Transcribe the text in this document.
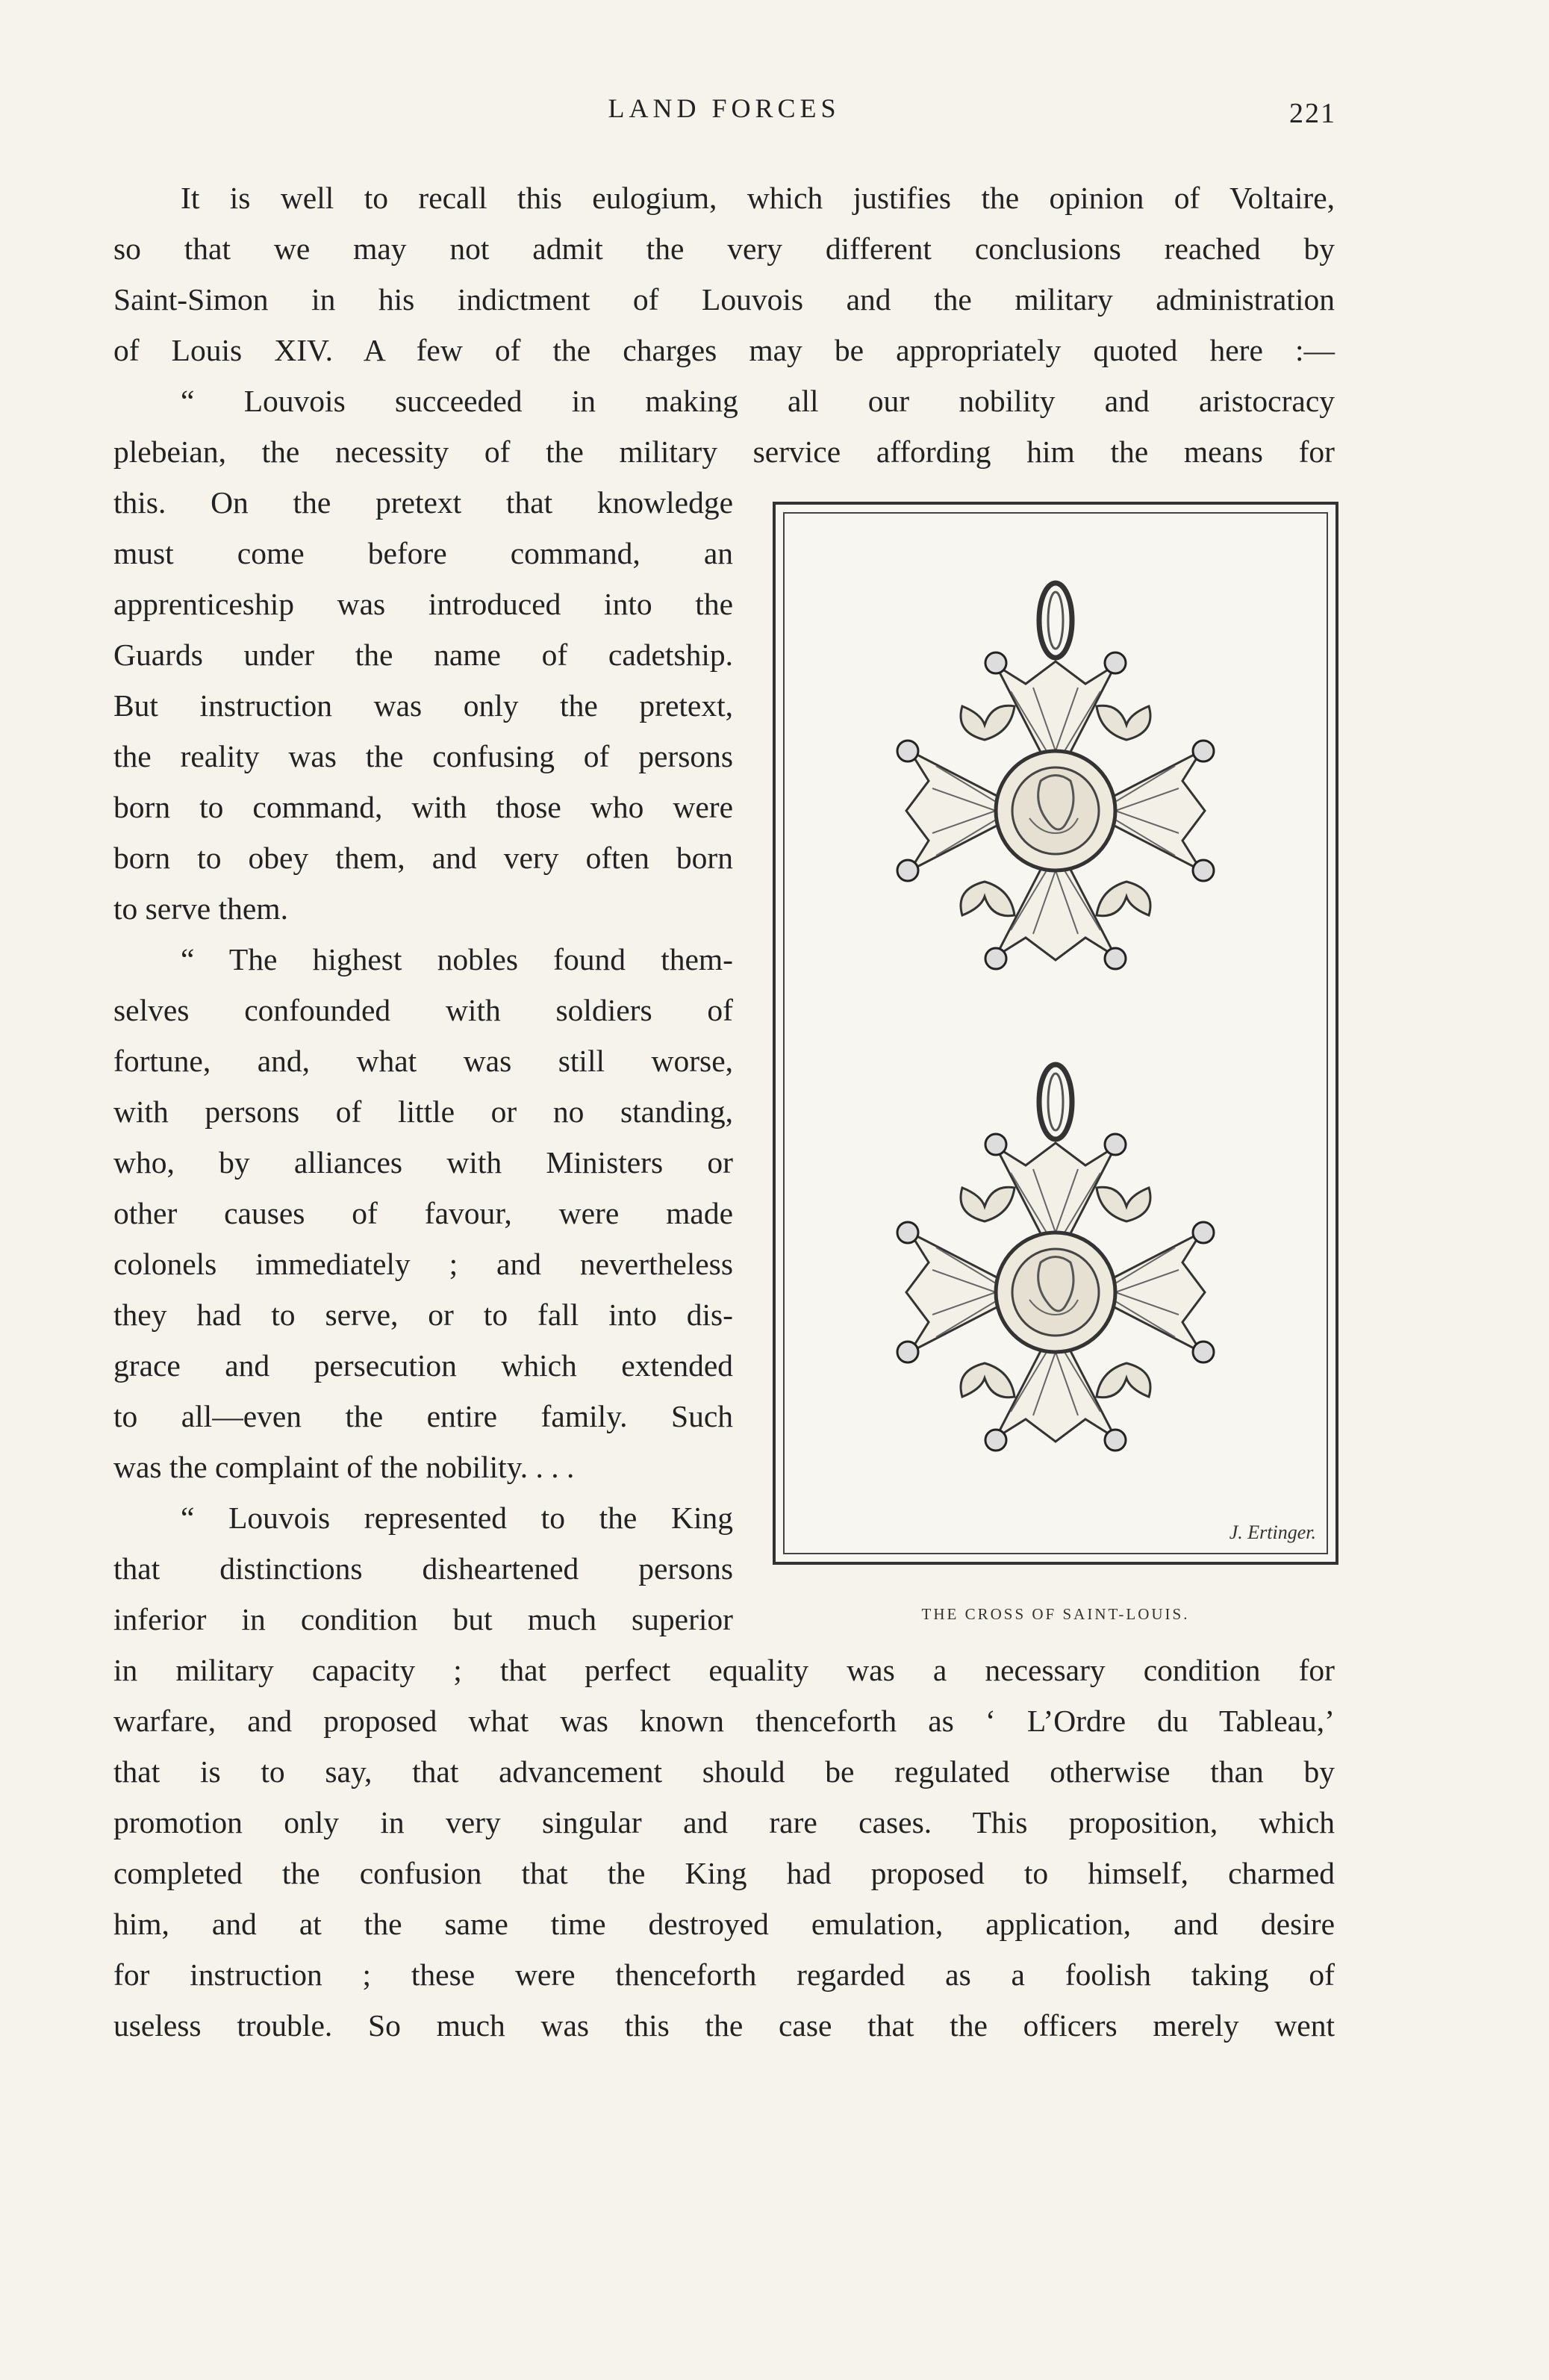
LAND FORCES	221
It is well to recall this eulogium, which justifies the opinion of Voltaire,
so that we may not admit the very different conclusions reached by
Saint-Simon in his indictment of Louvois and the military administration
of Louis XIV. A few of the charges may be appropriately quoted here :—
“ Louvois succeeded in making all our nobility and aristocracy
plebeian, the necessity of the military service affording him the means for
this. On the pretext that knowledge
must come before command, an
apprenticeship was introduced into the
Guards under the name of cadetship.
But instruction was only the pretext,
the reality was the confusing of persons
born to command, with those who were
born to obey them, and very often born
to serve them.
“ The highest nobles found them-
selves confounded with soldiers of
fortune, and, what was still worse,
with persons of little or no standing,
who, by alliances with Ministers or
other causes of favour, were made
colonels immediately ; and nevertheless
they had to serve, or to fall into dis-
grace and persecution which extended
to all—even the entire family. Such
was the complaint of the nobility. . . .
“ Louvois represented to the King
that distinctions disheartened persons
inferior in condition but much superior
in military capacity ; that perfect equality was a necessary condition for
warfare, and proposed what was known thenceforth as ‘ L’Ordre du Tableau,’
that is to say, that advancement should be regulated otherwise than by
promotion only in very singular and rare cases. This proposition, which
completed the confusion that the King had proposed to himself, charmed
him, and at the same time destroyed emulation, application, and desire
for instruction ; these were thenceforth regarded as a foolish taking of
useless trouble. So much was this the case that the officers merely went
J. Ertinger.
THE CROSS OF SAINT-LOUIS.
